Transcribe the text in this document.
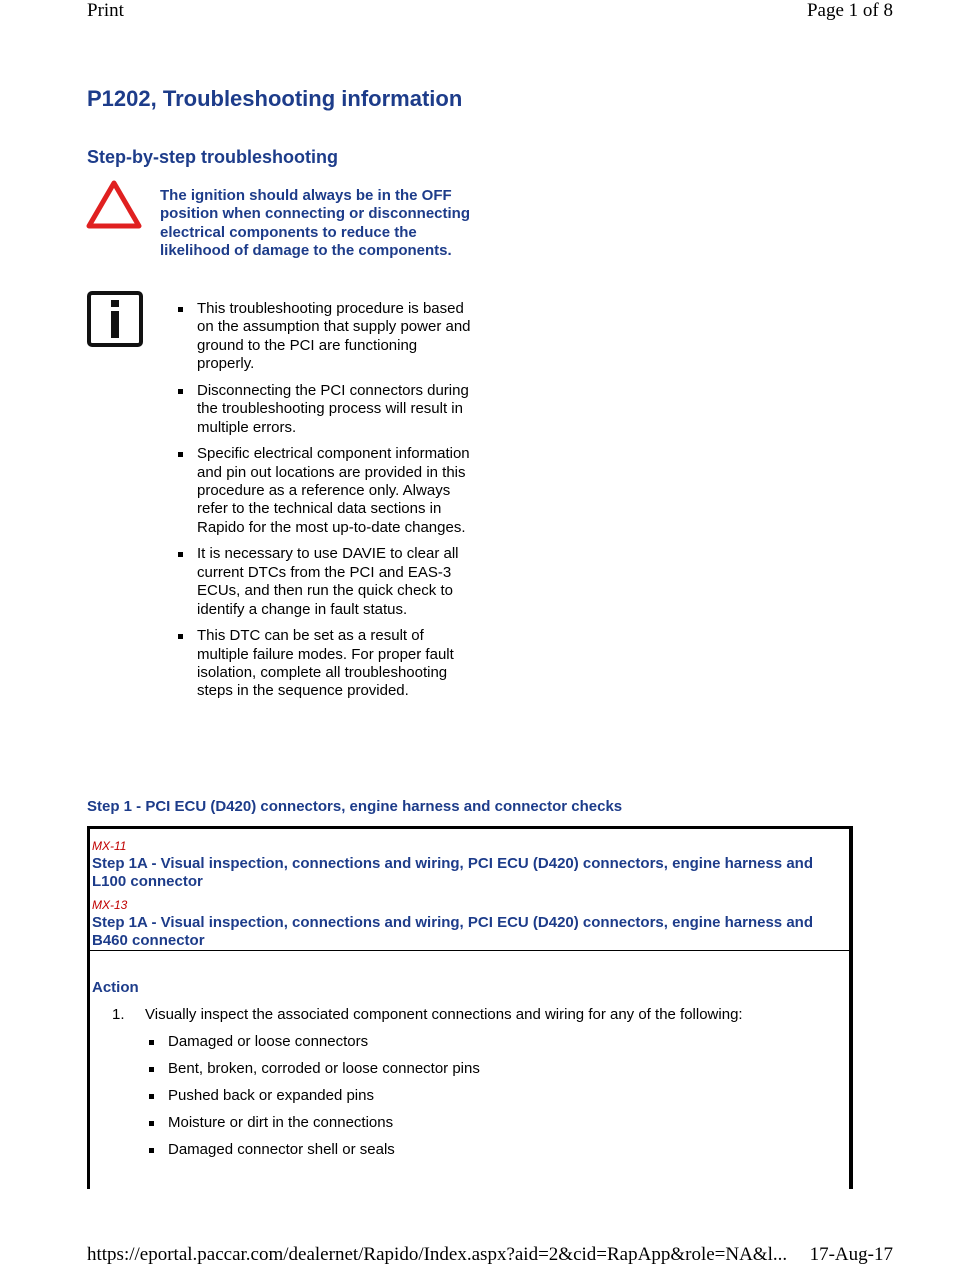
Print	Page 1 of 8
P1202, Troubleshooting information
Step-by-step troubleshooting
The ignition should always be in the OFF position when connecting or disconnecting electrical components to reduce the likelihood of damage to the components.
This troubleshooting procedure is based on the assumption that supply power and ground to the PCI are functioning properly.
Disconnecting the PCI connectors during the troubleshooting process will result in multiple errors.
Specific electrical component information and pin out locations are provided in this procedure as a reference only. Always refer to the technical data sections in Rapido for the most up-to-date changes.
It is necessary to use DAVIE to clear all current DTCs from the PCI and EAS-3 ECUs, and then run the quick check to identify a change in fault status.
This DTC can be set as a result of multiple failure modes. For proper fault isolation, complete all troubleshooting steps in the sequence provided.
Step 1 - PCI ECU (D420) connectors, engine harness and connector checks
MX-11
Step 1A - Visual inspection, connections and wiring, PCI ECU (D420) connectors, engine harness and L100 connector
MX-13
Step 1A - Visual inspection, connections and wiring, PCI ECU (D420) connectors, engine harness and B460 connector
Action
1. Visually inspect the associated component connections and wiring for any of the following:
Damaged or loose connectors
Bent, broken, corroded or loose connector pins
Pushed back or expanded pins
Moisture or dirt in the connections
Damaged connector shell or seals
https://eportal.paccar.com/dealernet/Rapido/Index.aspx?aid=2&cid=RapApp&role=NA&l... 17-Aug-17
